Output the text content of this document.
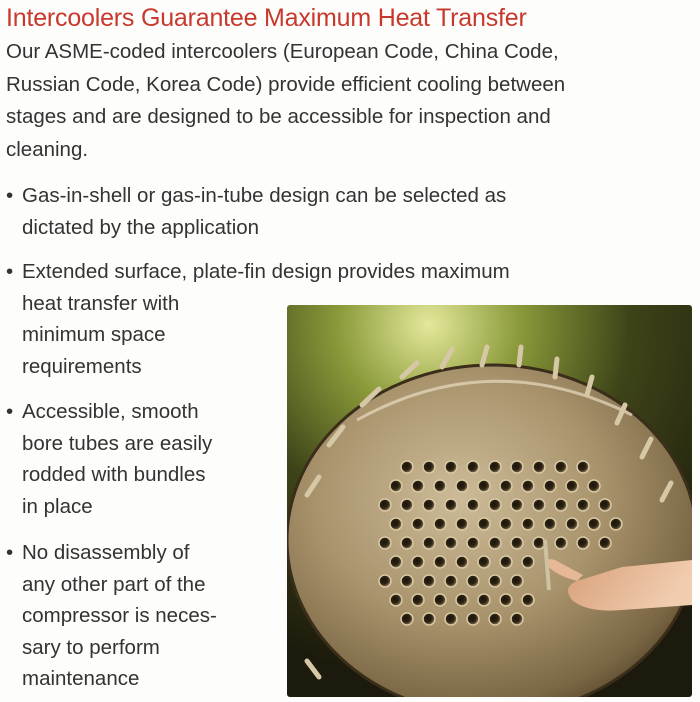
Intercoolers Guarantee Maximum Heat Transfer
Our ASME-coded intercoolers (European Code, China Code, Russian Code, Korea Code) provide efficient cooling between stages and are designed to be accessible for inspection and cleaning.
• Gas-in-shell or gas-in-tube design can be selected as
dictated by the application
• Extended surface, plate-fin design provides maximum
heat transfer with
minimum space
requirements
• Accessible, smooth
bore tubes are easily
rodded with bundles
in place
• No disassembly of
any other part of the
compressor is neces-
sary to perform
maintenance
